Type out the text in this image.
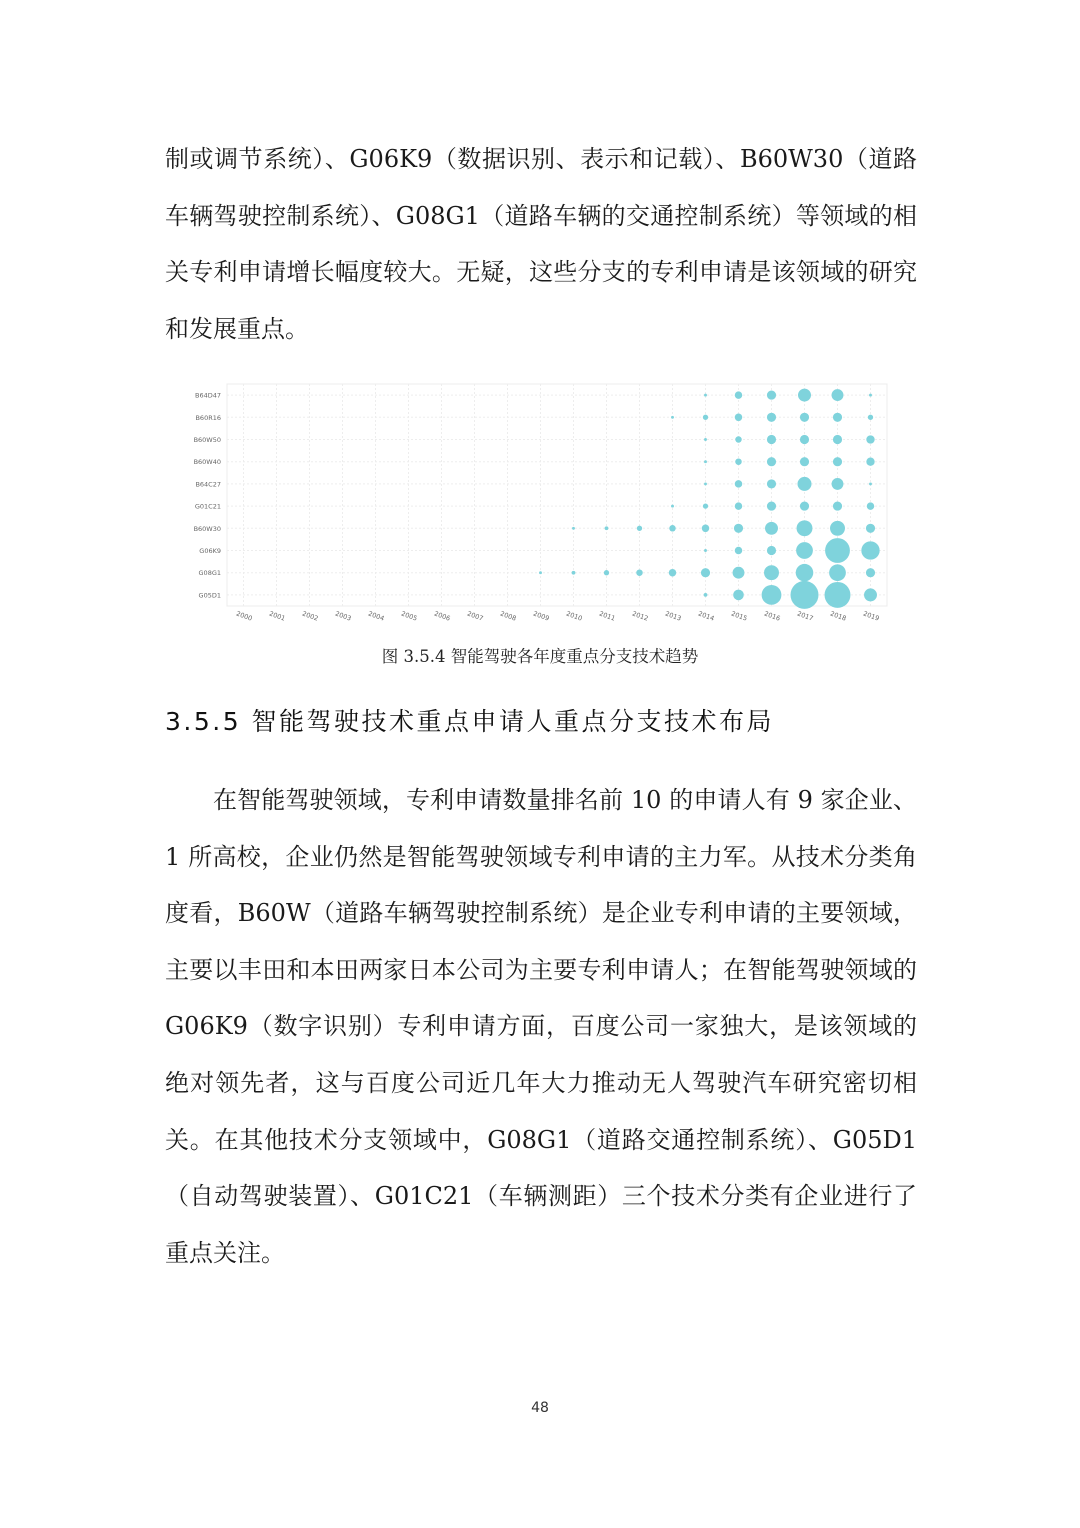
制或调节系统）、G06K9（数据识别、表示和记载）、B60W30（道路车辆驾驶控制系统）、G08G1（道路车辆的交通控制系统）等领域的相关专利申请增长幅度较大。无疑，这些分支的专利申请是该领域的研究和发展重点。

B64D47
B60R16
B60W50
B60W40
B64C27
G01C21
B60W30
G06K9
G08G1
G05D1
2000 2001 2002 2003 2004 2005 2006 2007 2008 2009 2010 2011 2012 2013 2014 2015 2016 2017 2018 2019
图 3.5.4 智能驾驶各年度重点分支技术趋势
3.5.5 智能驾驶技术重点申请人重点分支技术布局

在智能驾驶领域，专利申请数量排名前 10 的申请人有 9 家企业、1 所高校，企业仍然是智能驾驶领域专利申请的主力军。从技术分类角度看，B60W（道路车辆驾驶控制系统）是企业专利申请的主要领域，主要以丰田和本田两家日本公司为主要专利申请人；在智能驾驶领域的 G06K9（数字识别）专利申请方面，百度公司一家独大，是该领域的绝对领先者，这与百度公司近几年大力推动无人驾驶汽车研究密切相关。在其他技术分支领域中，G08G1（道路交通控制系统）、G05D1（自动驾驶装置）、G01C21（车辆测距）三个技术分类有企业进行了重点关注。

48
